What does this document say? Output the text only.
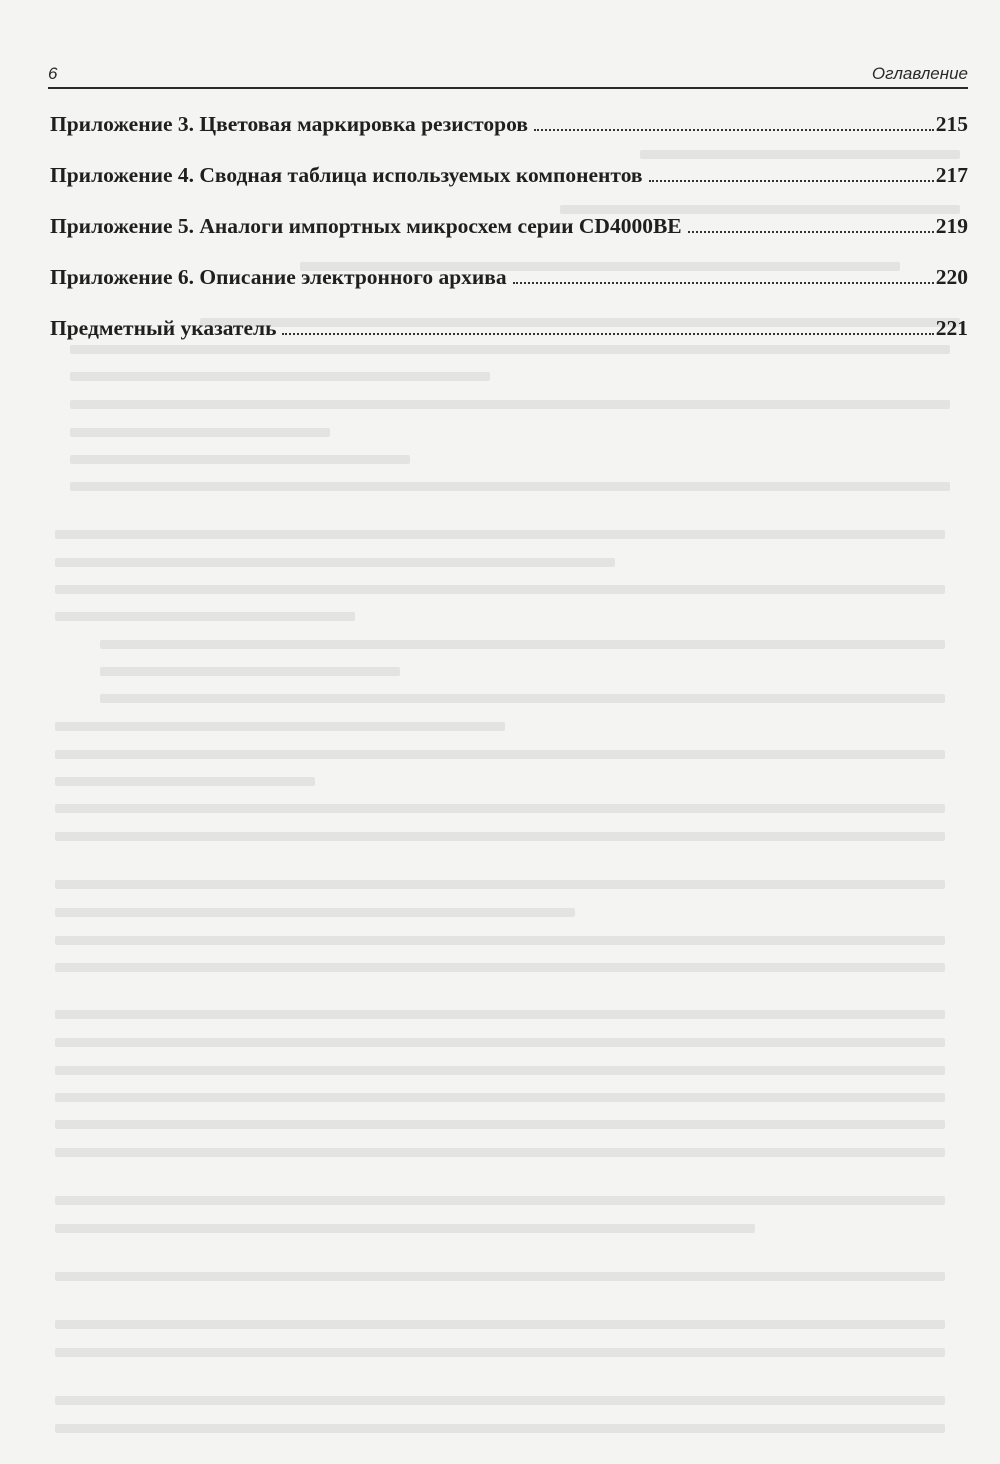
6	Оглавление
Приложение 3. Цветовая маркировка резисторов	215
Приложение 4. Сводная таблица используемых компонентов	217
Приложение 5. Аналоги импортных микросхем серии CD4000BE	219
Приложение 6. Описание электронного архива	220
Предметный указатель	221
